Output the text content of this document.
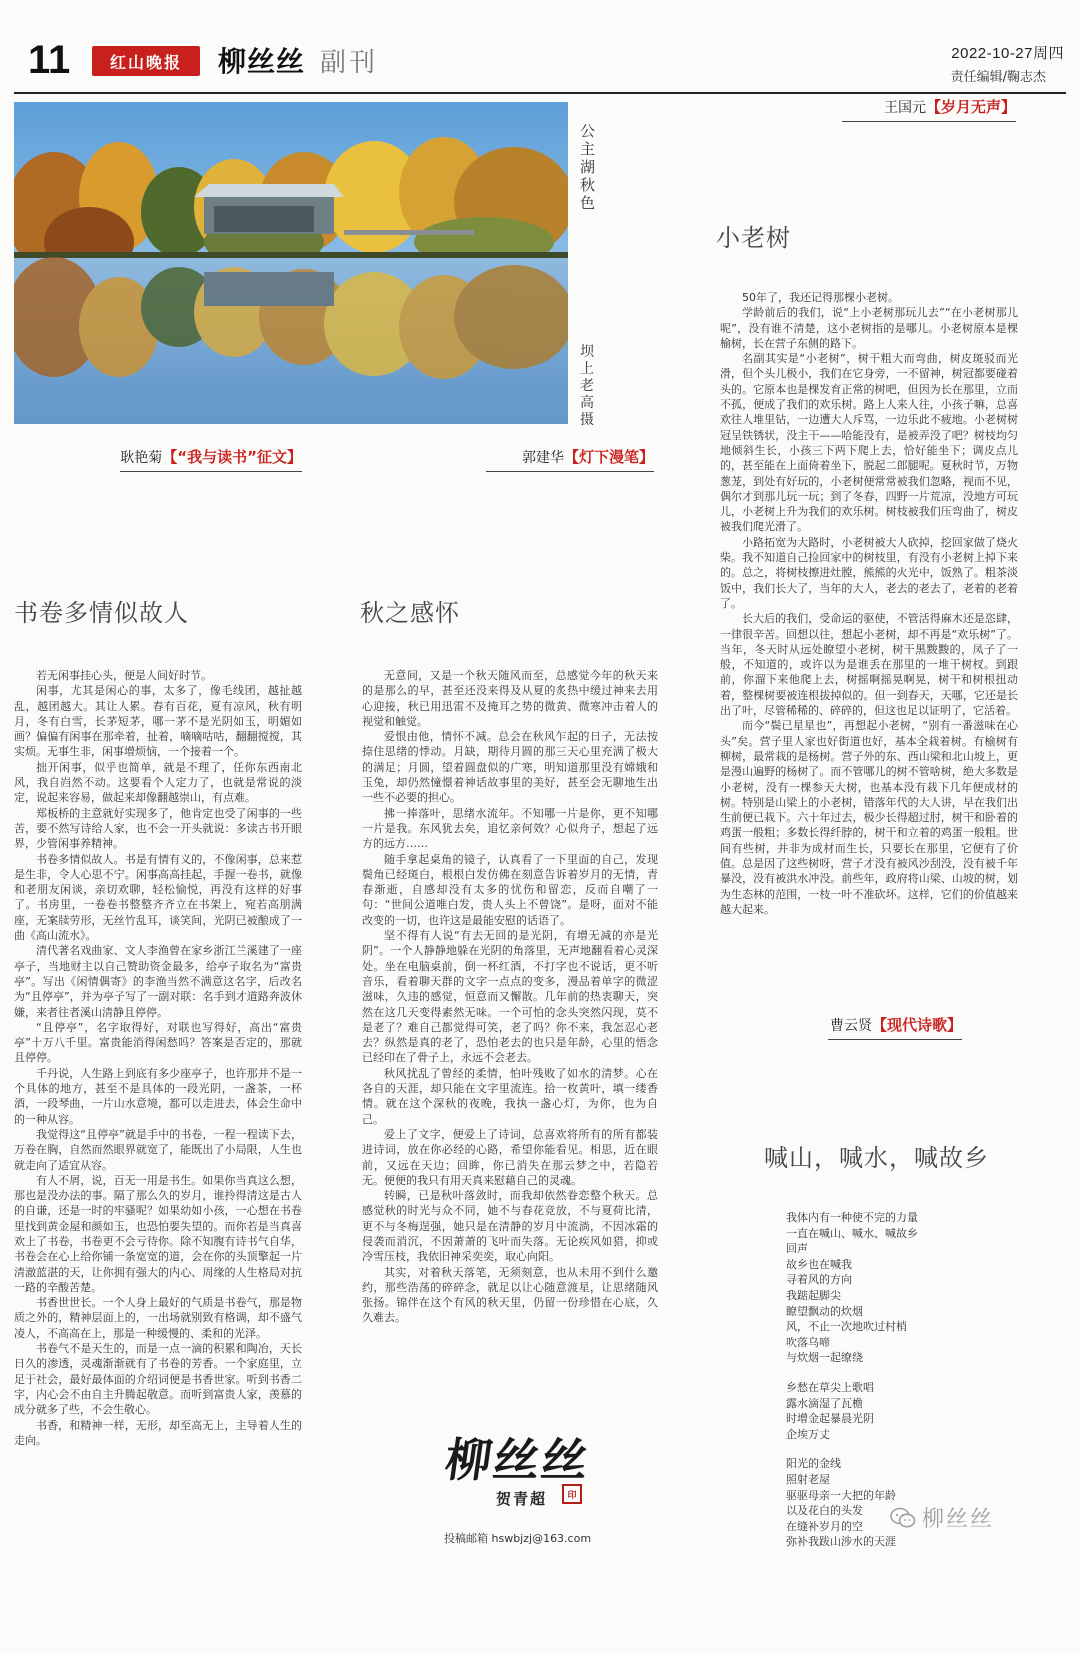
11	红山晚报	柳丝丝 副刊	2022-10-27周四
责任编辑/鞠志杰
公主湖秋色
坝上老高摄
王国元【岁月无声】
小老树

50年了，我还记得那棵小老树。

学龄前后的我们，说“上小老树那玩儿去”“在小老树那儿呢”，没有谁不清楚，这小老树指的是哪儿。小老树原本是棵榆树，长在营子东侧的路下。

名副其实是“小老树”，树干粗大而弯曲，树皮斑驳而光滑，但个头儿极小，我们在它身旁，一不留神，树冠都要碰着头的。它原本也是棵发育正常的树吧，但因为长在那里，立而不孤，便成了我们的欢乐树。路上人来人往，小孩子嘛，总喜欢往人堆里钻，一边遭大人斥骂，一边乐此不疲地。小老树树冠呈铁锈状，没主干——哈能没有，是被弄没了吧？树枝均匀地倾斜生长，小孩三下两下爬上去，恰好能坐下；调皮点儿的，甚至能在上面倚着坐下，脱起二郎腿呢。夏秋时节，万物葱茏，到处有好玩的，小老树便常常被我们忽略，视而不见，偶尔才到那儿玩一玩；到了冬春，四野一片荒凉，没地方可玩儿，小老树上升为我们的欢乐树。树枝被我们压弯曲了，树皮被我们爬光滑了。

小路拓宽为大路时，小老树被大人砍掉，挖回家做了烧火柴。我不知道自己捡回家中的树枝里，有没有小老树上掉下来的。总之，将树枝擦进灶膛，熊熊的火光中，饭熟了。粗茶淡饭中，我们长大了，当年的大人，老去的老去了，老着的老着了。

长大后的我们，受命运的驱使，不管活得麻木还是恣肆，一律很辛苦。回想以往，想起小老树，却不再是“欢乐树”了。当年，冬天时从远处瞭望小老树，树干黑黢黢的，凤子了一般，不知道的，或许以为是谁丢在那里的一堆干树杈。到跟前，你溜下来他爬上去，树摇啊摇晃啊晃，树干和树根扭动着，整棵树要被连根拔掉似的。但一到春天，天哪，它还是长出了叶，尽管稀稀的、碎碎的，但这也足以证明了，它活着。

而今“鬓已星星也”，再想起小老树，“别有一番滋味在心头”矣。营子里人家也好街道也好，基本全栽着树。有榆树有柳树，最常栽的是杨树。营子外的东、西山梁和北山坡上，更是漫山遍野的杨树了。而不管哪儿的树不管啥树，绝大多数是小老树，没有一棵参天大树，也基本没有栽下几年便成材的树。特别是山梁上的小老树，错落年代的大人讲，早在我们出生前便已栽下。六十年过去，极少长得超过肘，树干和卧着的鸡蛋一般粗；多数长得纤脖的，树干和立着的鸡蛋一般粗。世间有些树，并非为成材而生长，只要长在那里，它便有了价值。总是因了这些树呀，营子才没有被风沙刮没，没有被千年暴没，没有被洪水冲没。前些年，政府将山梁、山坡的树，划为生态林的范围，一枝一叶不准砍坏。这样，它们的价值越来越大起来。

曹云贤【现代诗歌】
喊山，喊水，喊故乡
我体内有一种使不完的力量
一直在喊山、喊水、喊故乡
回声
故乡也在喊我
寻着风的方向
我踮起脚尖
瞭望飘动的炊烟
风，不止一次地吹过村梢
吹落乌啼
与炊烟一起缭绕
乡愁在草尖上歌唱
露水滴湿了瓦檐
时增金起暴晨光阴
企埃万丈
阳光的金线
照射老屋
驱驱母亲一大把的年龄
以及花白的头发
在缝补岁月的空
弥补我跋山涉水的天涯
耿艳菊【“我与读书”征文】
书卷多情似故人

若无闲事挂心头，便是人间好时节。

闲事，尤其是闲心的事，太多了，像毛线团，越扯越乱，越团越大。其让人累。春有百花，夏有凉风，秋有明月，冬有白雪，长茅短茅，哪一茅不是光阴如玉，明媚如画？偏偏有闲事在那牵着，扯着，嘀嘀咕咕，翻翻搅搅，其实烦。无事生非，闲事增烦恼，一个接着一个。

拙开闲事，似乎也简单，就是不理了，任你东西南北风，我自岿然不动。这要看个人定力了，也就是常说的淡定，说起来容易，做起来却像翻越崇山，有点难。

郑板桥的主意就好实现多了，他肯定也受了闲事的一些苦，要不然写诗给人家，也不会一开头就说：多读古书开眼界，少管闲事养精神。

书卷多情似故人。书是有情有义的，不像闲事，总来惹是生非，令人心思不宁。闲事高高挂起，手握一卷书，就像和老朋友闲谈，亲切欢聊，轻松愉悦，再没有这样的好事了。书房里，一卷卷书整整齐齐立在书架上，宛若高朋满座，无案牍劳形，无丝竹乱耳，谈笑间，光阴已被酿成了一曲《高山流水》。

清代著名戏曲家、文人李渔曾在家乡浙江兰溪建了一座亭子，当地财主以自己赞助资金最多，给亭子取名为“富贵亭”。写出《闲情偶寄》的李渔当然不满意这名字，后改名为“且停亭”，并为亭子写了一副对联：名手到才道路奔波休嫌，来者往者溪山清静且停停。

“且停亭”，名字取得好，对联也写得好，高出“富贵亭”十万八千里。富贵能消得闲愁吗？答案是否定的，那就且停停。

千丹说，人生路上到底有多少座亭子，也许那并不是一个具体的地方，甚至不是具体的一段光阴，一盏茶，一杯酒，一段琴曲，一片山水意境，都可以走进去，体会生命中的一种从容。

我觉得这“且停亭”就是手中的书卷，一程一程读下去，万卷在胸，自然而然眼界就宽了，能既出了小局限，人生也就走向了适宜从容。

有人不屑，说，百无一用是书生。如果你当真这么想，那也是没办法的事。隔了那么久的岁月，谁拎得清这是古人的自谦，还是一时的牢骚呢？如果幼如小孩，一心想在书卷里找到黄金屋和颜如玉，也恐怕要失望的。而你若是当真喜欢上了书卷，书卷更不会亏待你。除不知腹有诗书气自华，书卷会在心上给你铺一条宽宽的道，会在你的头顶擎起一片清澈蓝湛的天，让你拥有强大的内心、周缘的人生格局对抗一路的辛酸苦楚。

书香世世长。一个人身上最好的气质是书卷气，那是物质之外的，精神层面上的，一出场就别致有格调，却不盛气凌人，不高高在上，那是一种缓慢的、柔和的光泽。

书卷气不是天生的，而是一点一滴的积累和陶冶，天长日久的渗透，灵魂渐渐就有了书卷的芳香。一个家庭里，立足于社会，最好最体面的介绍词便是书香世家。听到书香二字，内心会不由自主升腾起敬意。而听到富贵人家，羡慕的成分就多了些，不会生敬心。

书香，和精神一样，无形，却至高无上，主导着人生的走向。

郭建华【灯下漫笔】
秋之感怀

无意间，又是一个秋天随风而至，总感觉今年的秋天来的是那么的早，甚至还没来得及从夏的炙热中缓过神来去用心迎接，秋已用迅雷不及掩耳之势的微黄、微寒冲击着人的视觉和触觉。

爱恨由他，情怀不减。总会在秋风乍起的日子，无法按捺住思绪的悸动。月缺，期待月圆的那三天心里充满了极大的满足；月圆，望着圆盘似的广寒，明知道那里没有嫦娥和玉兔，却仍然憧憬着神话故事里的美好，甚至会无聊地生出一些不必要的担心。

拂一捧落叶，思绪水流年。不知哪一片是你，更不知哪一片是我。东风犹去矣，追忆亲何效？心似舟子，想起了远方的远方……

随手拿起桌角的镜子，认真看了一下里面的自己，发现鬓角已经斑白，根根白发仿佛在刻意告诉着岁月的无情，青春渐逝，自感却没有太多的忧伤和留恋，反而自嘲了一句：“世间公道唯白发，贵人头上不曾饶”。是呀，面对不能改变的一切，也许这是最能安慰的话语了。

坚不得有人说“有去无回的是光阴，有增无减的亦是光阴”。一个人静静地躲在光阴的角落里，无声地翻看着心灵深处。坐在电脑桌前，倒一杯红酒，不打字也不说话，更不听音乐，看着聊天群的文字一点点的变多，漫品着单字的微涩滋味，久违的感觉，恒意而又懈散。几年前的热衷聊天，突然在这几天变得素然无味。一个可怕的念头突然闪现，莫不是老了？难自己都觉得可笑，老了吗？你不来，我怎忍心老去？纵然是真的老了，恐怕老去的也只是年龄，心里的悟念已经印在了骨子上，永远不会老去。

秋风扰乱了曾经的柔情，怕叶残败了如水的清梦。心在各自的天涯，却只能在文字里流连。拾一枚黄叶，填一缕香情。就在这个深秋的夜晚，我执一盏心灯，为你，也为自己。

爱上了文字，便爱上了诗词，总喜欢将所有的所有都装进诗词，放在你必经的心路，希望你能看见。相思，近在眼前，又远在天边；回眸，你已消失在那云梦之中，若隐若无。便便的我只有用天真来慰藉自己的灵魂。

转瞬，已是秋叶落敛时，而我却依然眷恋整个秋天。总感觉秋的时光与众不同，她不与春花竞放，不与夏荷比清，更不与冬梅逞强，她只是在清静的岁月中流淌，不因冰霜的侵袭而消沉，不因萧萧的飞叶而失落。无论疾风如猎，抑或冷雪压枝，我依旧神采奕奕，取心向阳。

其实，对着秋天落笔，无须刻意，也从未用不到什么邀约，那些浩荡的碎碎念，就足以让心随意渡星，让思绪随风张扬。锦伴在这个有风的秋天里，仍留一份珍惜在心底，久久难去。

柳丝丝
贺青超	印
投稿邮箱 hswbjzj@163.com
柳丝丝
